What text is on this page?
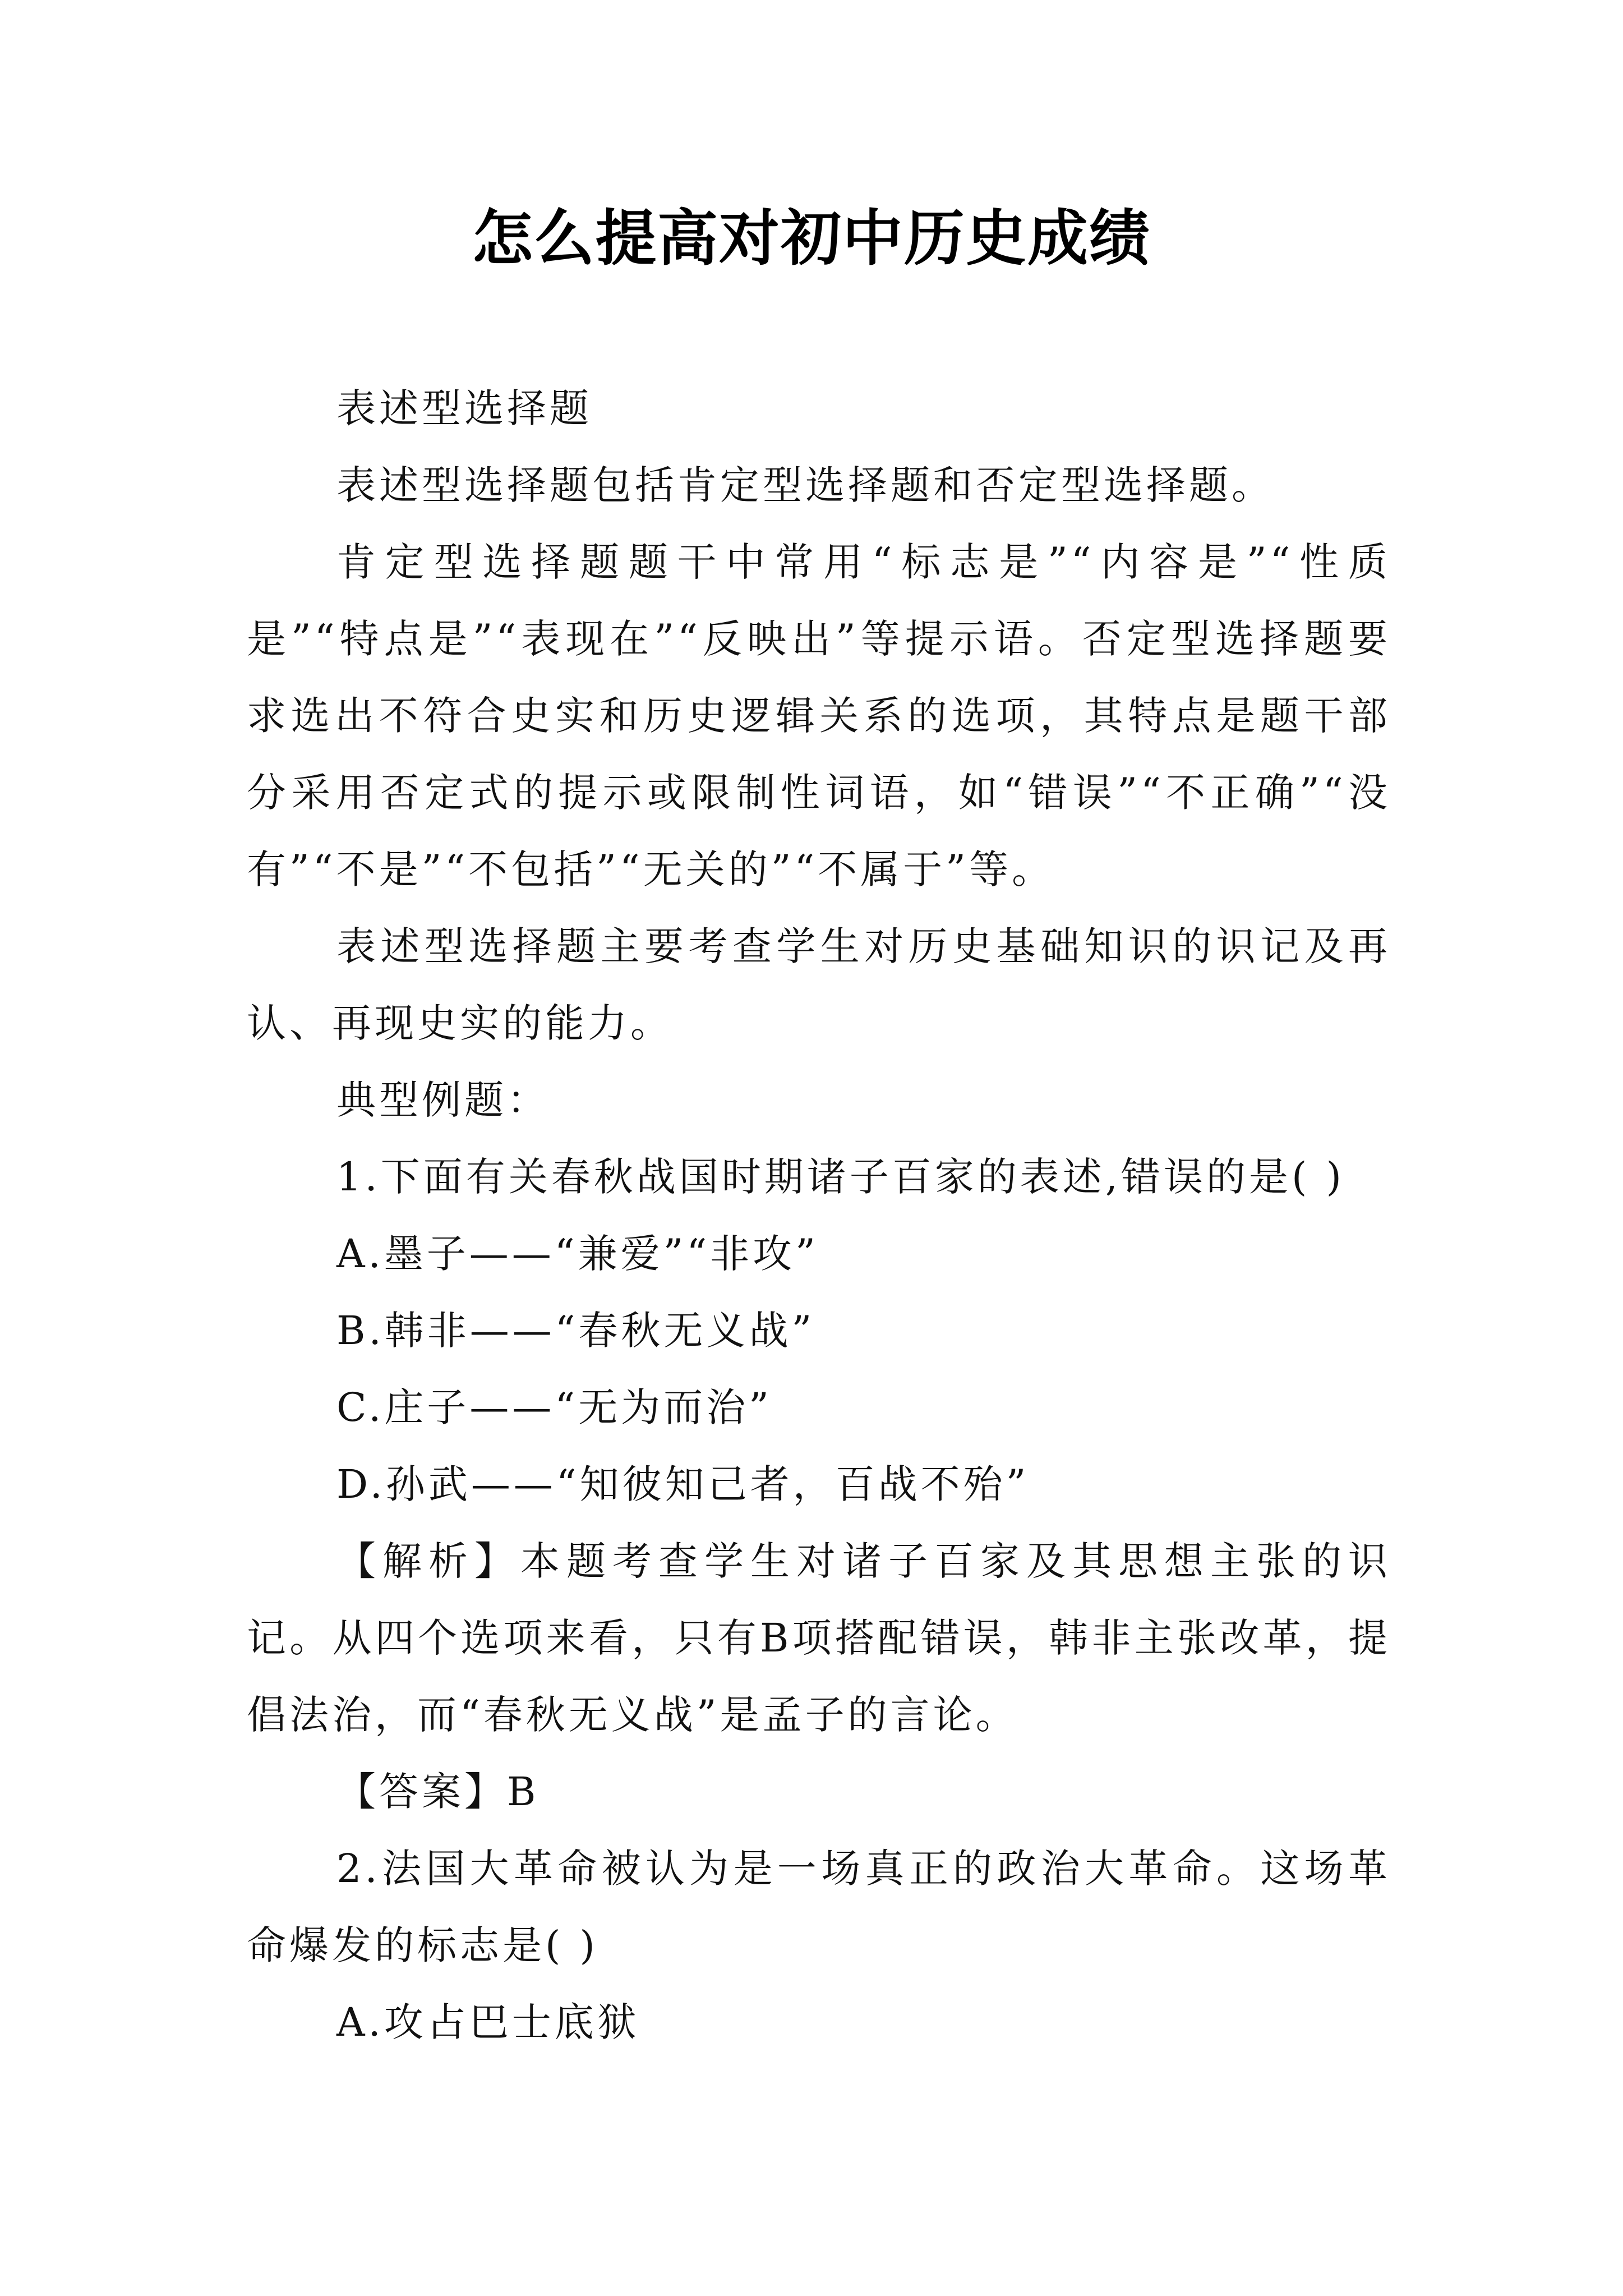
怎么提高对初中历史成绩

表述型选择题

表述型选择题包括肯定型选择题和否定型选择题。

肯定型选择题题干中常用“标志是”“内容是”“性质是”“特点是”“表现在”“反映出”等提示语。否定型选择题要求选出不符合史实和历史逻辑关系的选项，其特点是题干部分采用否定式的提示或限制性词语，如“错误”“不正确”“没有”“不是”“不包括”“无关的”“不属于”等。

表述型选择题主要考查学生对历史基础知识的识记及再认、再现史实的能力。

典型例题：

1.下面有关春秋战国时期诸子百家的表述,错误的是( )

A.墨子——“兼爱”“非攻”

B.韩非——“春秋无义战”

C.庄子——“无为而治”

D.孙武——“知彼知己者，百战不殆”

【解析】本题考查学生对诸子百家及其思想主张的识记。从四个选项来看，只有B项搭配错误，韩非主张改革，提倡法治，而“春秋无义战”是孟子的言论。

【答案】B

2.法国大革命被认为是一场真正的政治大革命。这场革命爆发的标志是( )

A.攻占巴士底狱
